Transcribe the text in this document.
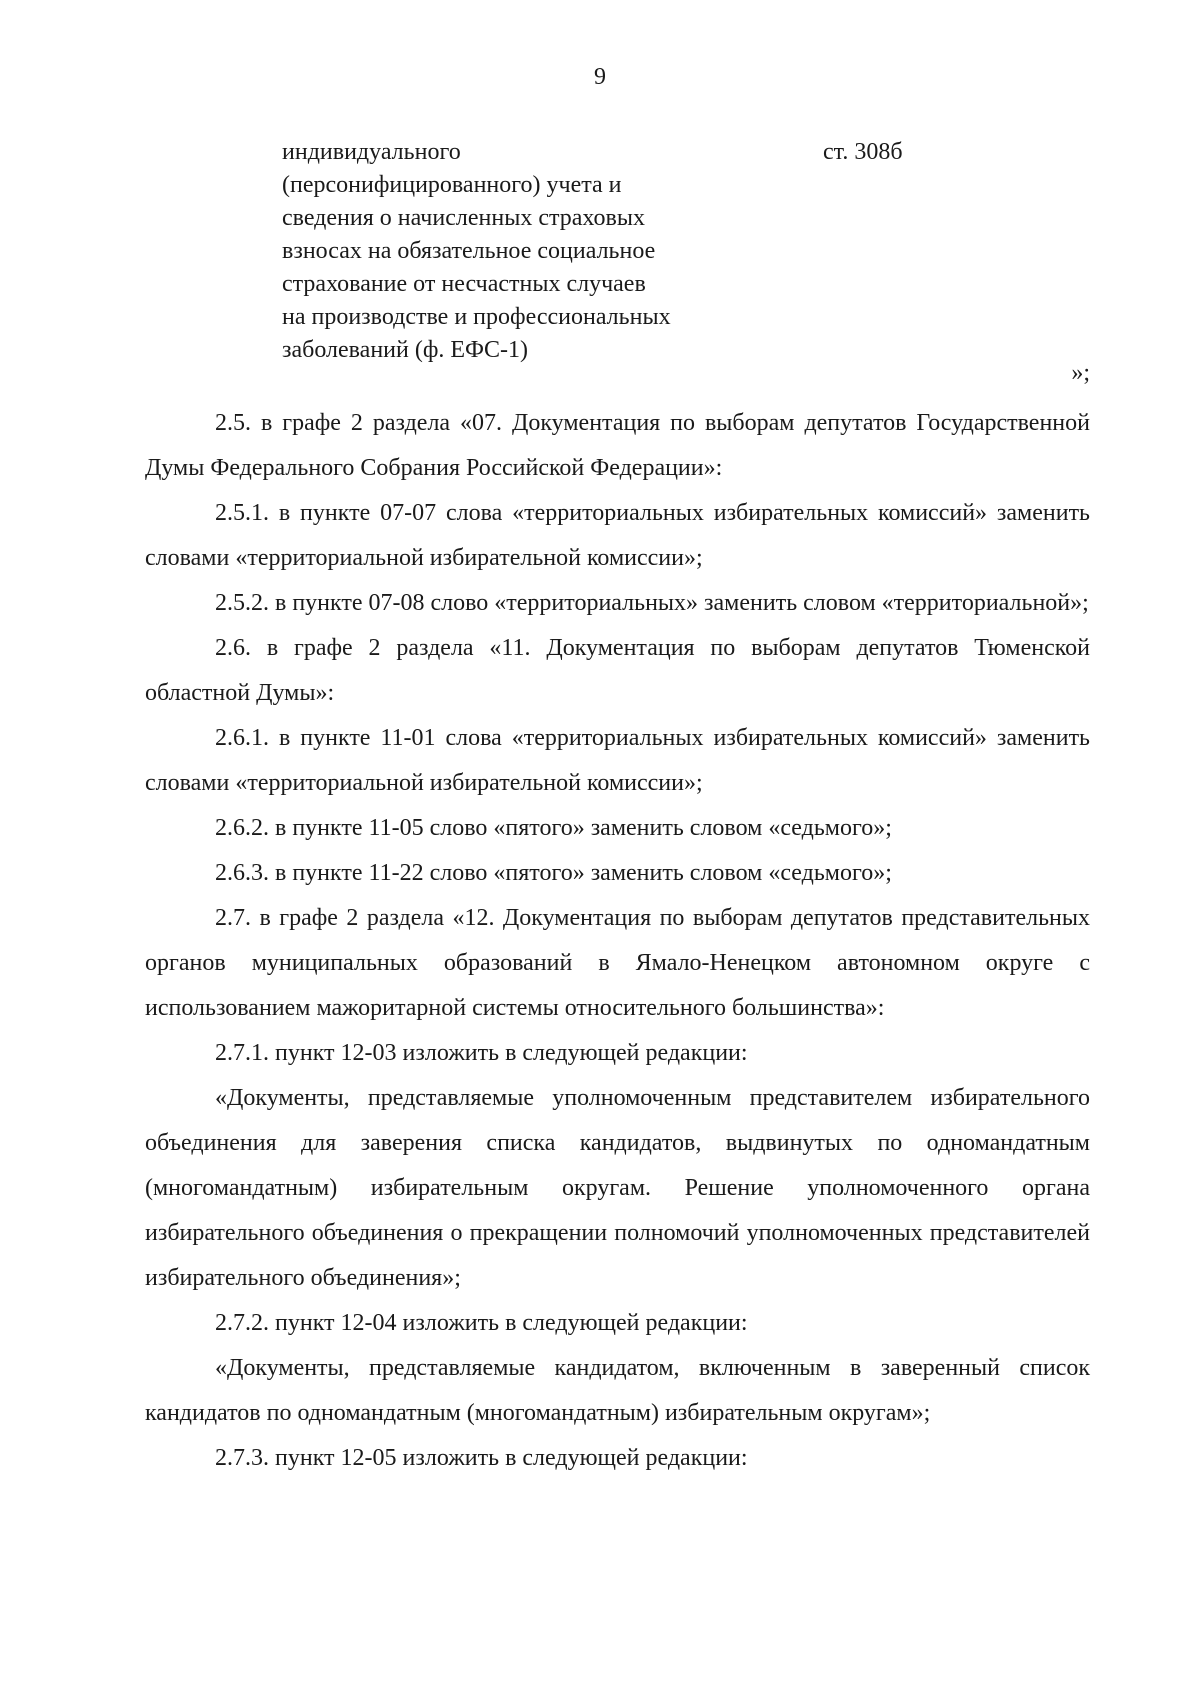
9
индивидуального
(персонифицированного) учета и
сведения о начисленных страховых
взносах на обязательное социальное
страхование от несчастных случаев
на производстве и профессиональных
заболеваний (ф. ЕФС-1)
ст. 308б
»;

2.5. в графе 2 раздела «07. Документация по выборам депутатов Государственной Думы Федерального Собрания Российской Федерации»:

2.5.1. в пункте 07-07 слова «территориальных избирательных комиссий» заменить словами «территориальной избирательной комиссии»;

2.5.2. в пункте 07-08 слово «территориальных» заменить словом «территориальной»;

2.6. в графе 2 раздела «11. Документация по выборам депутатов Тюменской областной Думы»:

2.6.1. в пункте 11-01 слова «территориальных избирательных комиссий» заменить словами «территориальной избирательной комиссии»;

2.6.2. в пункте 11-05 слово «пятого» заменить словом «седьмого»;

2.6.3. в пункте 11-22 слово «пятого» заменить словом «седьмого»;

2.7. в графе 2 раздела «12. Документация по выборам депутатов представительных органов муниципальных образований в Ямало-Ненецком автономном округе с использованием мажоритарной системы относительного большинства»:

2.7.1. пункт 12-03 изложить в следующей редакции:

«Документы, представляемые уполномоченным представителем избирательного объединения для заверения списка кандидатов, выдвинутых по одномандатным (многомандатным) избирательным округам. Решение уполномоченного органа избирательного объединения о прекращении полномочий уполномоченных представителей избирательного объединения»;

2.7.2. пункт 12-04 изложить в следующей редакции:

«Документы, представляемые кандидатом, включенным в заверенный список кандидатов по одномандатным (многомандатным) избирательным округам»;

2.7.3. пункт 12-05 изложить в следующей редакции:
